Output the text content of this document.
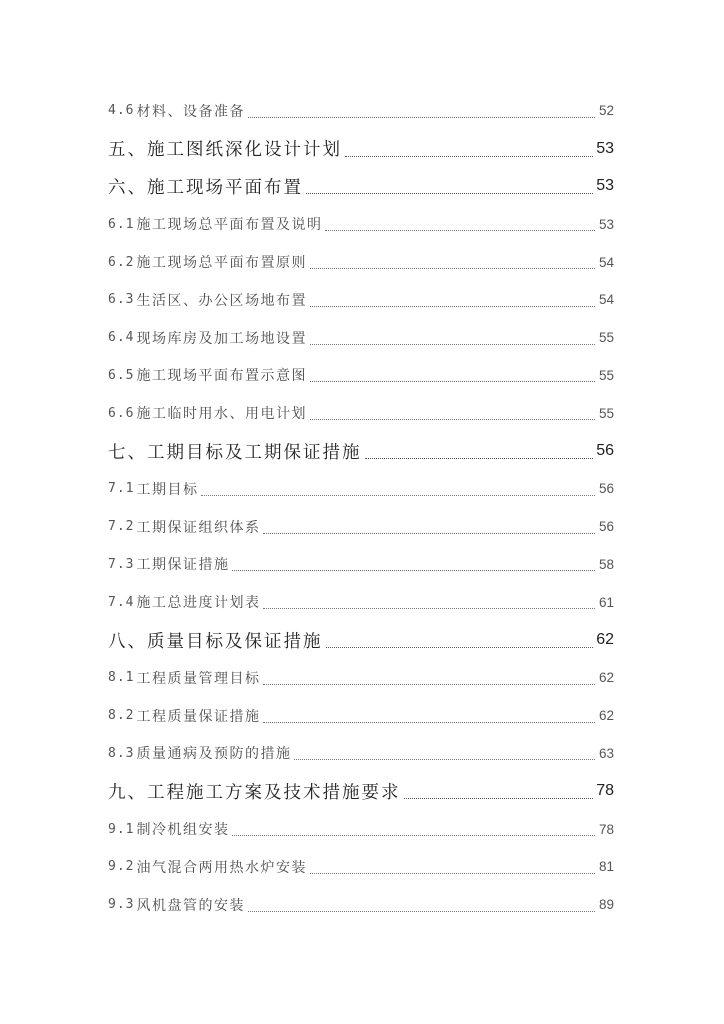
4.6 材料、设备准备	52
五、施工图纸深化设计计划	53
六、施工现场平面布置	53
6.1 施工现场总平面布置及说明	53
6.2 施工现场总平面布置原则	54
6.3 生活区、办公区场地布置	54
6.4 现场库房及加工场地设置	55
6.5 施工现场平面布置示意图	55
6.6 施工临时用水、用电计划	55
七、工期目标及工期保证措施	56
7.1 工期目标	56
7.2 工期保证组织体系	56
7.3 工期保证措施	58
7.4 施工总进度计划表	61
八、质量目标及保证措施	62
8.1 工程质量管理目标	62
8.2 工程质量保证措施	62
8.3 质量通病及预防的措施	63
九、工程施工方案及技术措施要求	78
9.1 制冷机组安装	78
9.2 油气混合两用热水炉安装	81
9.3 风机盘管的安装	89
